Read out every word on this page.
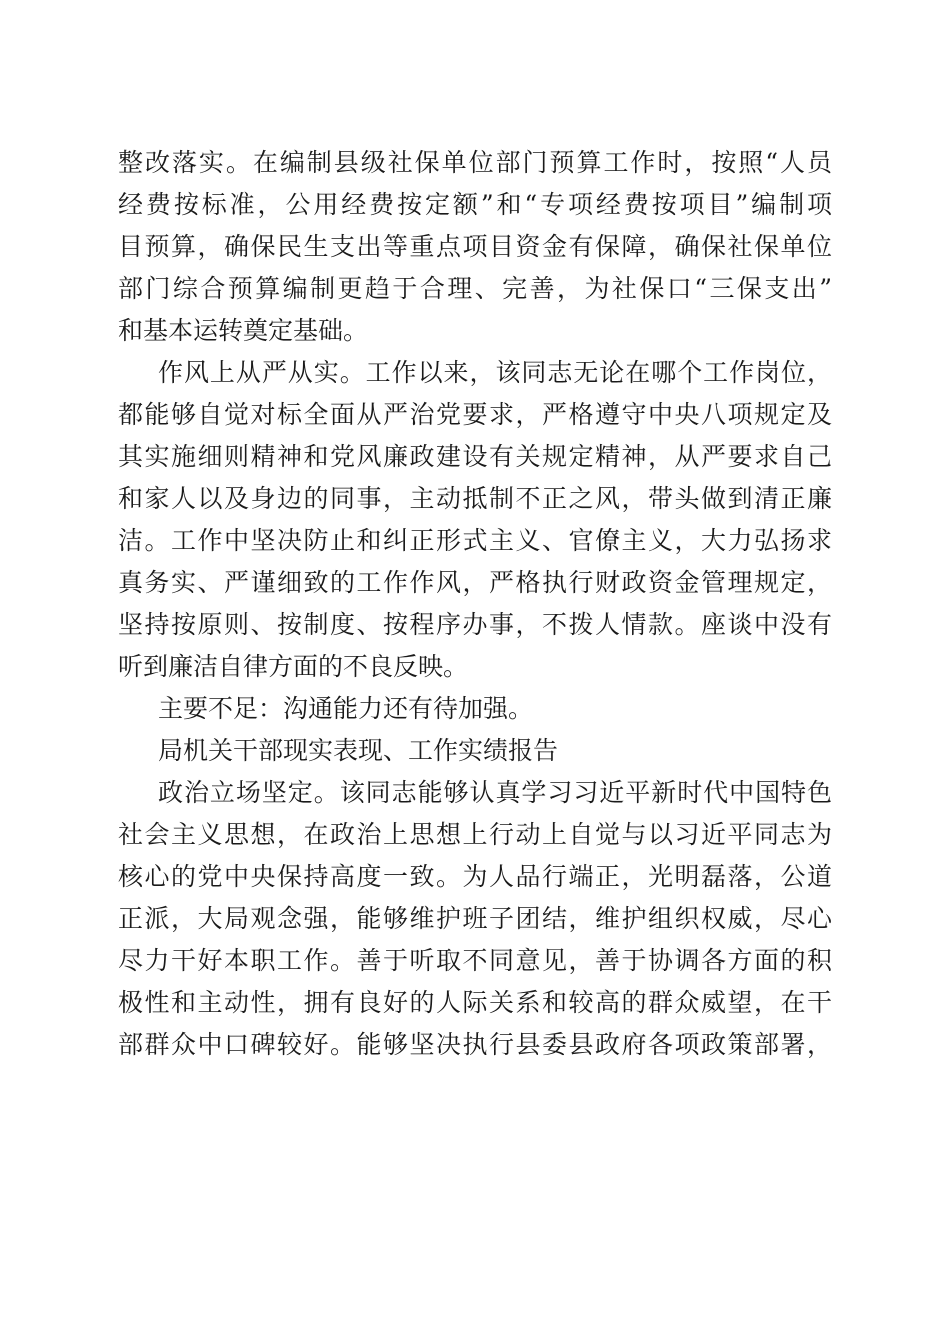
整改落实。在编制县级社保单位部门预算工作时，按照“人员
经费按标准，公用经费按定额”和“专项经费按项目”编制项
目预算，确保民生支出等重点项目资金有保障，确保社保单位
部门综合预算编制更趋于合理、完善，为社保口“三保支出”
和基本运转奠定基础。
作风上从严从实。工作以来，该同志无论在哪个工作岗位，
都能够自觉对标全面从严治党要求，严格遵守中央八项规定及
其实施细则精神和党风廉政建设有关规定精神，从严要求自己
和家人以及身边的同事，主动抵制不正之风，带头做到清正廉
洁。工作中坚决防止和纠正形式主义、官僚主义，大力弘扬求
真务实、严谨细致的工作作风，严格执行财政资金管理规定，
坚持按原则、按制度、按程序办事，不拨人情款。座谈中没有
听到廉洁自律方面的不良反映。
主要不足：沟通能力还有待加强。
局机关干部现实表现、工作实绩报告
政治立场坚定。该同志能够认真学习习近平新时代中国特色
社会主义思想，在政治上思想上行动上自觉与以习近平同志为
核心的党中央保持高度一致。为人品行端正，光明磊落，公道
正派，大局观念强，能够维护班子团结，维护组织权威，尽心
尽力干好本职工作。善于听取不同意见，善于协调各方面的积
极性和主动性，拥有良好的人际关系和较高的群众威望，在干
部群众中口碑较好。能够坚决执行县委县政府各项政策部署，
